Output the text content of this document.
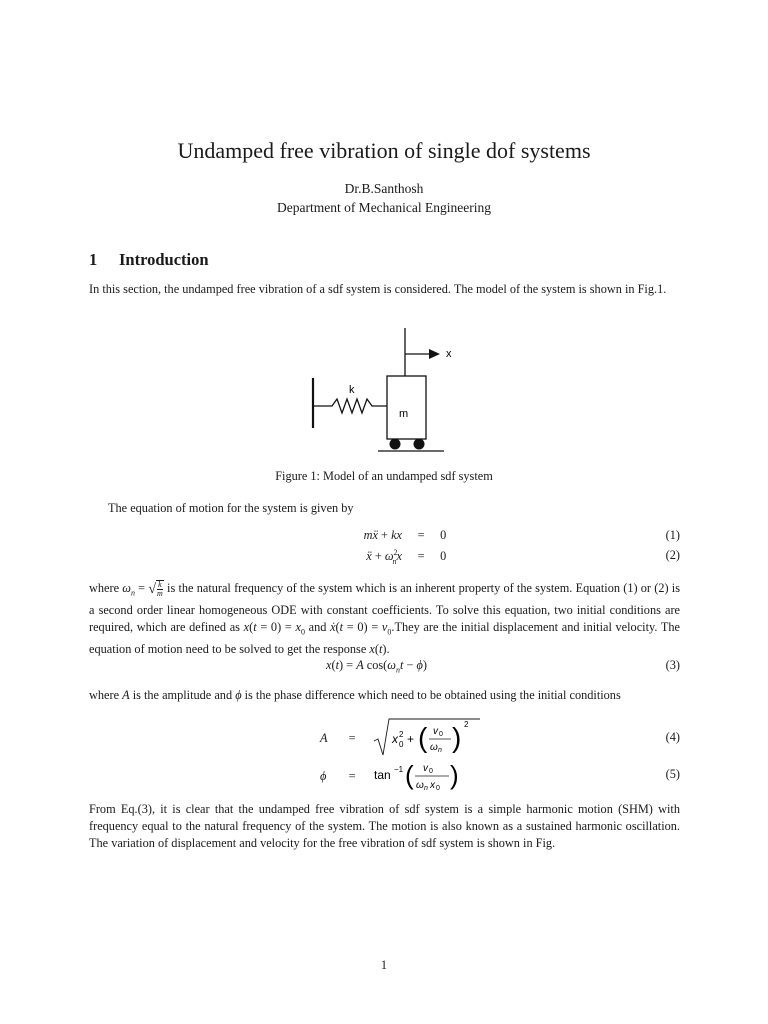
Undamped free vibration of single dof systems
Dr.B.Santhosh
Department of Mechanical Engineering
1 Introduction
In this section, the undamped free vibration of a sdf system is considered. The model of the system is shown in Fig.1.
x
k
m
Figure 1: Model of an undamped sdf system
The equation of motion for the system is given by
mẍ + kx = 0	(1)
ẍ + $\omega^2_nx = 0$	(2)
where $\omega_n = √\frac{k}{m}$ is the natural frequency of the system which is an inherent property of the system. Equation (1) or (2) is a second order linear homogeneous ODE with constant coefficients. To solve this equation, two initial conditions are required, which are defined as $x(t = 0) = x_0$ and ẋ(t = $0) = v_0.They$ are the initial displacement and initial velocity. The equation of motion need to be solved to get the response x(t).
x(t) = A $\cos(\omega_nt - \phi)$	(3)
where A is the amplitude and ϕ is the phase difference which need to be obtained using the initial conditions
A =	x 2
0 + ( v 0
ω n ) 2
(4)
ϕ = tan −1 ( v 0
ω n x 0 )	(5)
From Eq.(3), it is clear that the undamped free vibration of sdf system is a simple harmonic motion (SHM) with frequency equal to the natural frequency of the system. The motion is also known as a sustained harmonic oscillation. The variation of displacement and velocity for the free vibration of sdf system is shown in Fig.
1
